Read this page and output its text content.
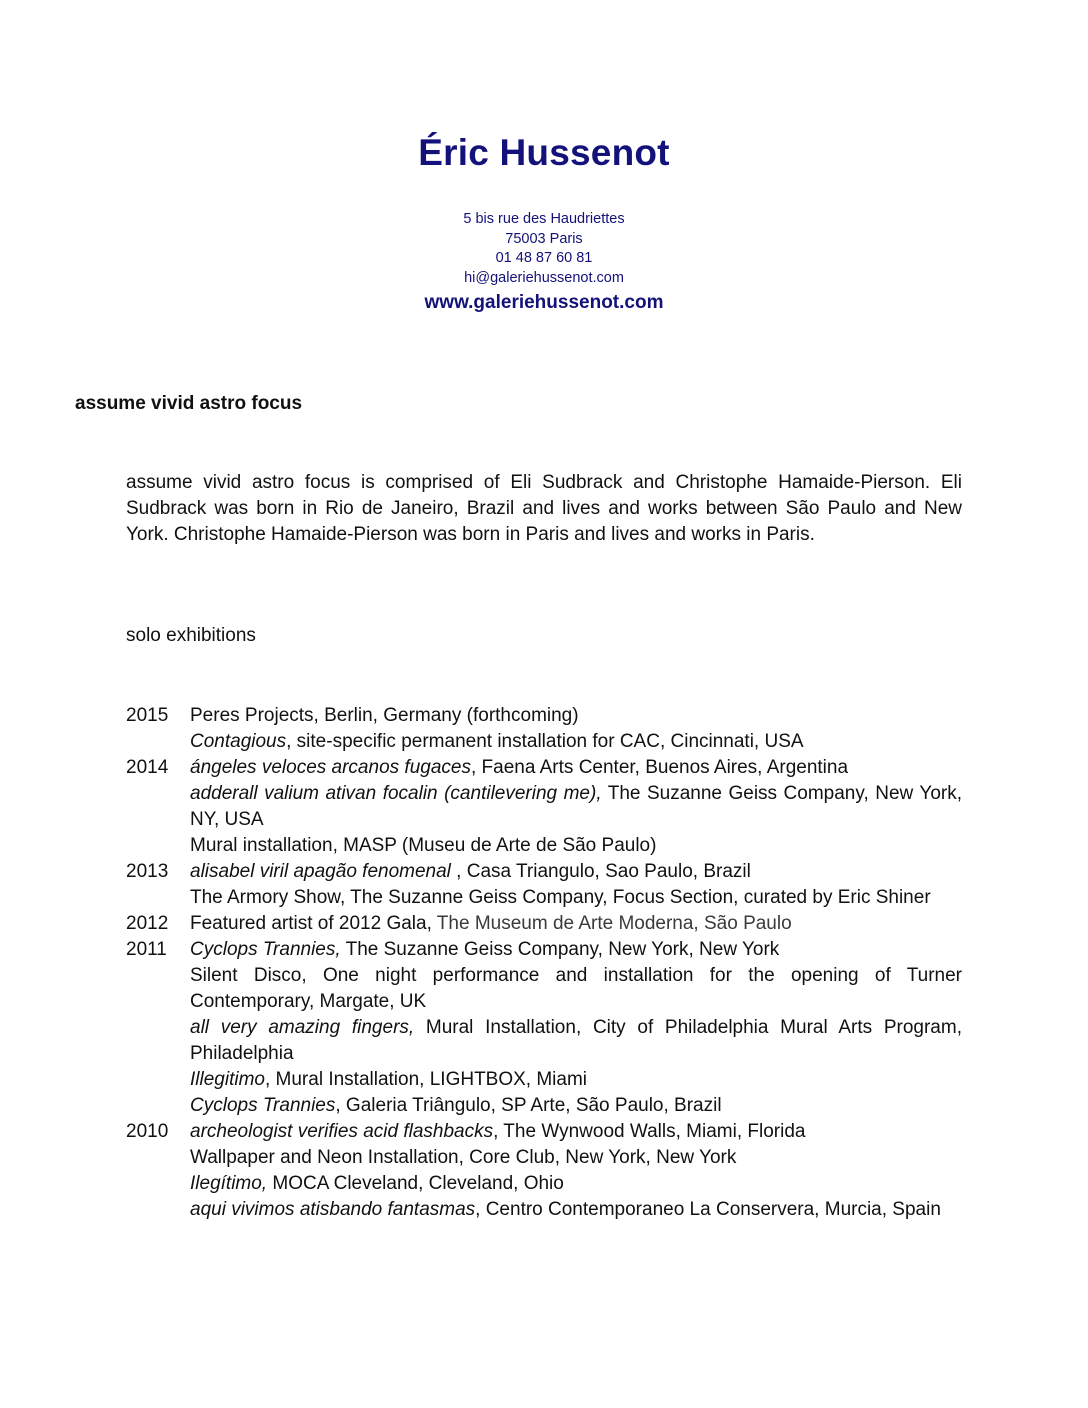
Éric Hussenot
5 bis rue des Haudriettes
75003 Paris
01 48 87 60 81
hi@galeriehussenot.com
www.galeriehussenot.com
assume vivid astro focus
assume vivid astro focus is comprised of Eli Sudbrack and Christophe Hamaide-Pierson. Eli Sudbrack was born in Rio de Janeiro, Brazil and lives and works between São Paulo and New York. Christophe Hamaide-Pierson was born in Paris and lives and works in Paris.
solo exhibitions
2015	Peres Projects, Berlin, Germany (forthcoming)
Contagious, site-specific permanent installation for CAC, Cincinnati, USA
2014	ángeles veloces arcanos fugaces, Faena Arts Center, Buenos Aires, Argentina
adderall valium ativan focalin (cantilevering me), The Suzanne Geiss Company, New York, NY, USA
Mural installation, MASP (Museu de Arte de São Paulo)
2013	alisabel viril apagão fenomenal , Casa Triangulo, Sao Paulo, Brazil
The Armory Show, The Suzanne Geiss Company, Focus Section, curated by Eric Shiner
2012	Featured artist of 2012 Gala, The Museum de Arte Moderna, São Paulo
2011	Cyclops Trannies, The Suzanne Geiss Company, New York, New York
Silent Disco, One night performance and installation for the opening of Turner Contemporary, Margate, UK
all very amazing fingers, Mural Installation, City of Philadelphia Mural Arts Program, Philadelphia
Illegitimo, Mural Installation, LIGHTBOX, Miami
Cyclops Trannies, Galeria Triângulo, SP Arte, São Paulo, Brazil
2010	archeologist verifies acid flashbacks, The Wynwood Walls, Miami, Florida
Wallpaper and Neon Installation, Core Club, New York, New York
Ilegítimo, MOCA Cleveland, Cleveland, Ohio
aqui vivimos atisbando fantasmas, Centro Contemporaneo La Conservera, Murcia, Spain
